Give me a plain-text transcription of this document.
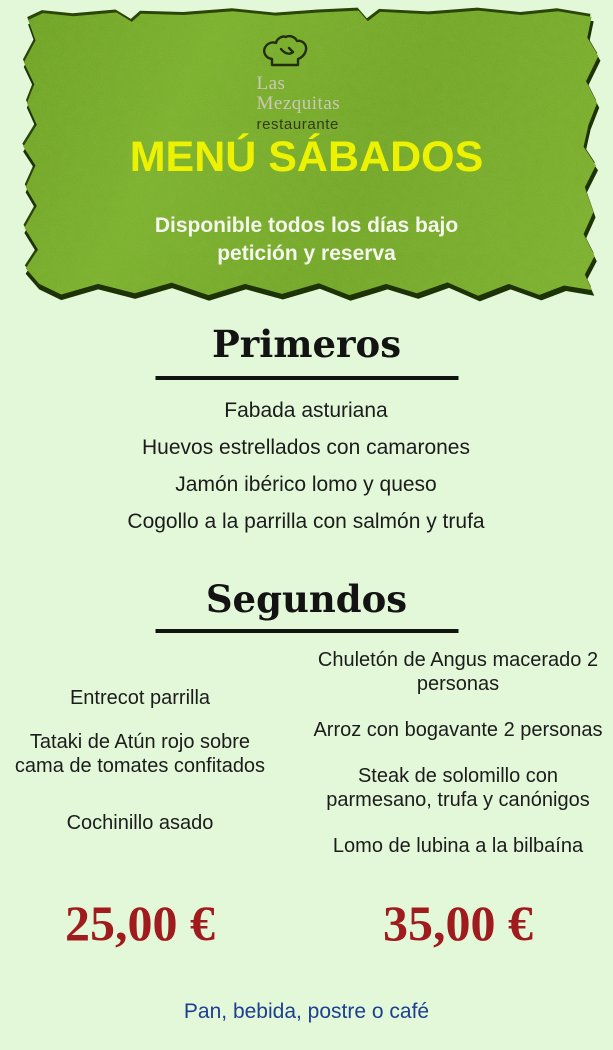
Las
Mezquitas
restaurante
MENÚ SÁBADOS
Disponible todos los días bajo petición y reserva
Primeros
Fabada asturiana
Huevos estrellados con camarones
Jamón ibérico lomo y queso
Cogollo a la parrilla con salmón y trufa
Segundos

Entrecot parrilla

Tataki de Atún rojo sobre cama de tomates confitados

Cochinillo asado

Chuletón de Angus macerado 2 personas

Arroz con bogavante 2 personas

Steak de solomillo con parmesano, trufa y canónigos

Lomo de lubina a la bilbaína

25,00 €	35,00 €
Pan, bebida, postre o café
